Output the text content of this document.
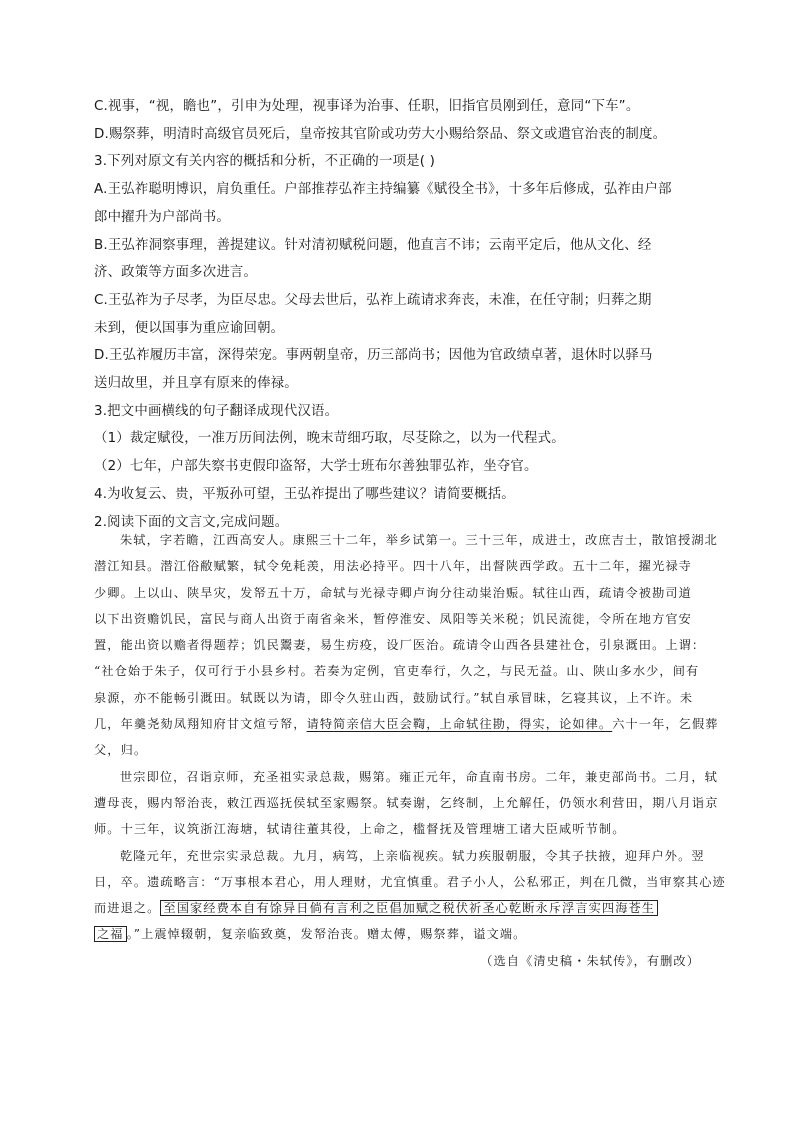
C.视事，“视，瞻也”，引申为处理，视事译为治事、任职，旧指官员刚到任，意同“下车”。
D.赐祭葬，明清时高级官员死后，皇帝按其官阶或功劳大小赐给祭品、祭文或遣官治丧的制度。
3.下列对原文有关内容的概括和分析，不正确的一项是( )
A.王弘祚聪明博识，肩负重任。户部推荐弘祚主持编纂《赋役全书》，十多年后修成，弘祚由户部
郎中擢升为户部尚书。
B.王弘祚洞察事理，善提建议。针对清初赋税问题，他直言不讳；云南平定后，他从文化、经
济、政策等方面多次进言。
C.王弘祚为子尽孝，为臣尽忠。父母去世后，弘祚上疏请求奔丧，未准，在任守制；归葬之期
未到，便以国事为重应谕回朝。
D.王弘祚履历丰富，深得荣宠。事两朝皇帝，历三部尚书；因他为官政绩卓著，退休时以驿马
送归故里，并且享有原来的俸禄。
3.把文中画横线的句子翻译成现代汉语。
（1）裁定赋役，一准万历间法例，晚末苛细巧取，尽芟除之，以为一代程式。
（2）七年，户部失察书吏假印盗帑，大学士班布尔善独罪弘祚，坐夺官。
4.为收复云、贵，平叛孙可望，王弘祚提出了哪些建议？请简要概括。
2.阅读下面的文言文,完成问题。
朱轼，字若瞻，江西高安人。康熙三十二年，举乡试第一。三十三年，成进士，改庶吉士，散馆授湖北
潜江知县。潜江俗敝赋繁，轼令免耗羡，用法必持平。四十八年，出督陕西学政。五十二年，擢光禄寺
少卿。上以山、陕旱灾，发帑五十万，命轼与光禄寺卿卢询分往动粜治赈。轼往山西，疏请令被勘司道
以下出资赡饥民，富民与商人出资于南省籴米，暂停淮安、凤阳等关米税；饥民流徙，令所在地方官安
置，能出资以赡者得题荐；饥民鬻妻，易生疠疫，设厂医治。疏请令山西各县建社仓，引泉溉田。上谓：
“社仓始于朱子，仅可行于小县乡村。若奏为定例，官吏奉行，久之，与民无益。山、陕山多水少，间有
泉源，亦不能畅引溉田。轼既以为请，即令久驻山西，鼓励试行。”轼自承冒昧，乞寝其议，上不许。未
几，年羹尧劾凤翔知府甘文煊亏帑，请特简亲信大臣会鞫，上命轼往勘，得实，论如律。六十一年，乞假葬
父，归。
世宗即位，召诣京师，充圣祖实录总裁，赐第。雍正元年，命直南书房。二年，兼吏部尚书。二月，轼
遭母丧，赐内帑治丧，敕江西巡抚侯轼至家赐祭。轼奏谢，乞终制，上允解任，仍领水利营田，期八月诣京
师。十三年，议筑浙江海塘，轼请往董其役，上命之，槛督抚及管理塘工诸大臣咸听节制。
乾隆元年，充世宗实录总裁。九月，病笃，上亲临视疾。轼力疾服朝服，令其子扶掖，迎拜户外。翌
日，卒。遗疏略言：“万事根本君心，用人理财，尤宜慎重。君子小人，公私邪正，判在几微，当审察其心迹
而进退之。 至国家经费本自有馀异日倘有言利之臣倡加赋之税伏祈圣心乾断永斥浮言实四海苍生
之福 。”上震悼辍朝，复亲临致奠，发帑治丧。赠太傅，赐祭葬，谥文端。
（选自《清史稿・朱轼传》，有删改）
